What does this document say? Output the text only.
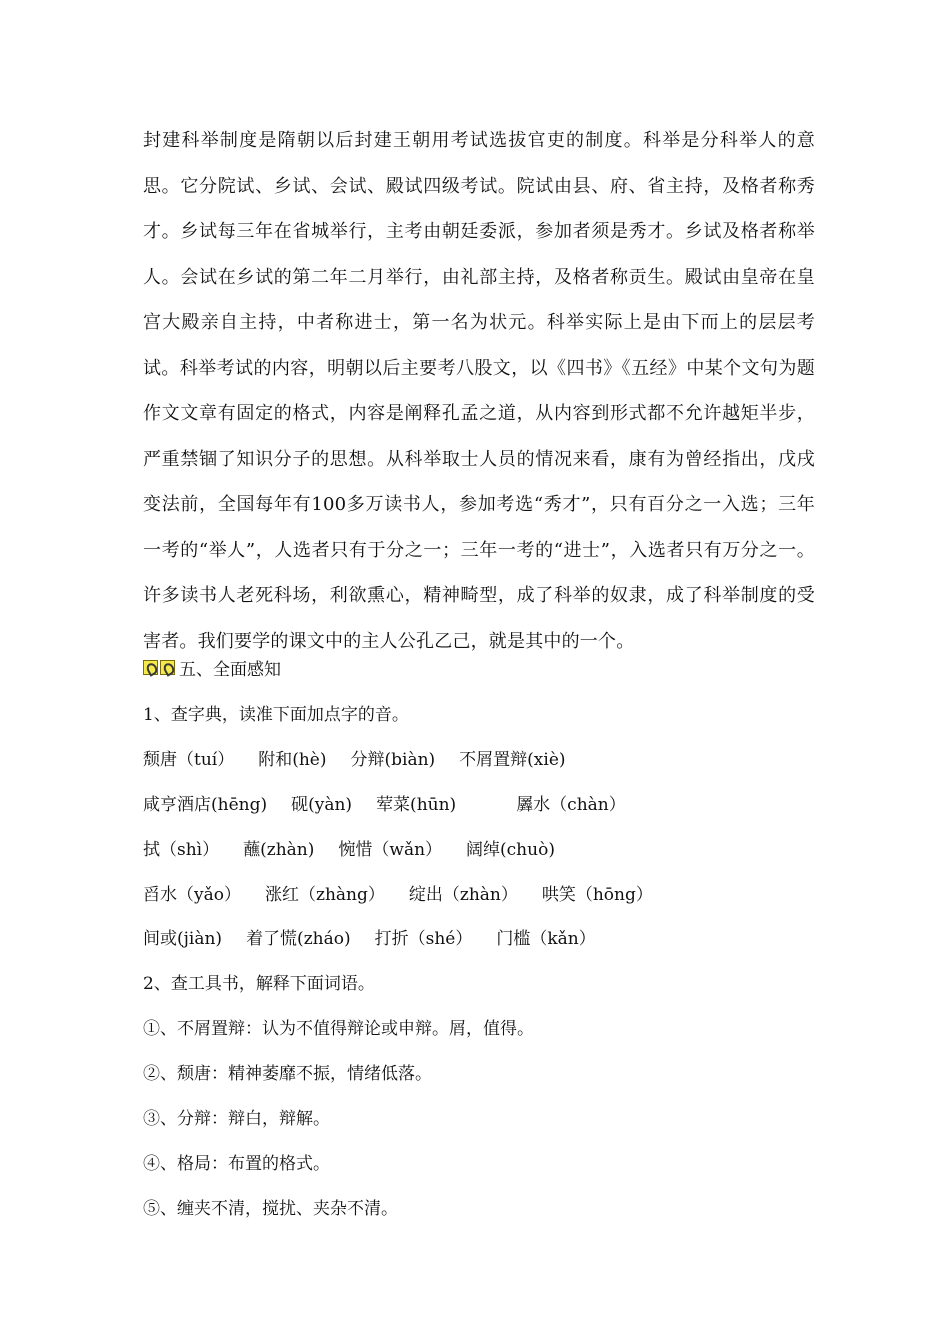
封建科举制度是隋朝以后封建王朝用考试选拔官吏的制度。科举是分科举人的意思。它分院试、乡试、会试、殿试四级考试。院试由县、府、省主持，及格者称秀才。乡试每三年在省城举行，主考由朝廷委派，参加者须是秀才。乡试及格者称举人。会试在乡试的第二年二月举行，由礼部主持，及格者称贡生。殿试由皇帝在皇宫大殿亲自主持，中者称进士，第一名为状元。科举实际上是由下而上的层层考试。科举考试的内容，明朝以后主要考八股文，以《四书》《五经》中某个文句为题作文文章有固定的格式，内容是阐释孔孟之道，从内容到形式都不允许越矩半步，严重禁锢了知识分子的思想。从科举取士人员的情况来看，康有为曾经指出，戊戌变法前，全国每年有100多万读书人，参加考选“秀才”，只有百分之一入选；三年一考的“举人”，人选者只有于分之一；三年一考的“进士”，入选者只有万分之一。许多读书人老死科场，利欲熏心，精神畸型，成了科举的奴隶，成了科举制度的受害者。我们要学的课文中的主人公孔乙己，就是其中的一个。
五、全面感知
1、查字典，读准下面加点字的音。
颓唐（tuí） 附和(hè) 分辩(biàn) 不屑置辩(xiè)
咸亨酒店(hēng) 砚(yàn) 荤菜(hūn)	羼水（chàn）
拭（shì） 蘸(zhàn) 惋惜（wǎn） 阔绰(chuò)
舀水（yǎo） 涨红（zhàng） 绽出（zhàn） 哄笑（hōng）
间或(jiàn) 着了慌(zháo) 打折（shé） 门槛（kǎn）
2、查工具书，解释下面词语。
①、不屑置辩：认为不值得辩论或申辩。屑，值得。
②、颓唐：精神萎靡不振，情绪低落。
③、分辩：辩白，辩解。
④、格局：布置的格式。
⑤、缠夹不清，搅扰、夹杂不清。
